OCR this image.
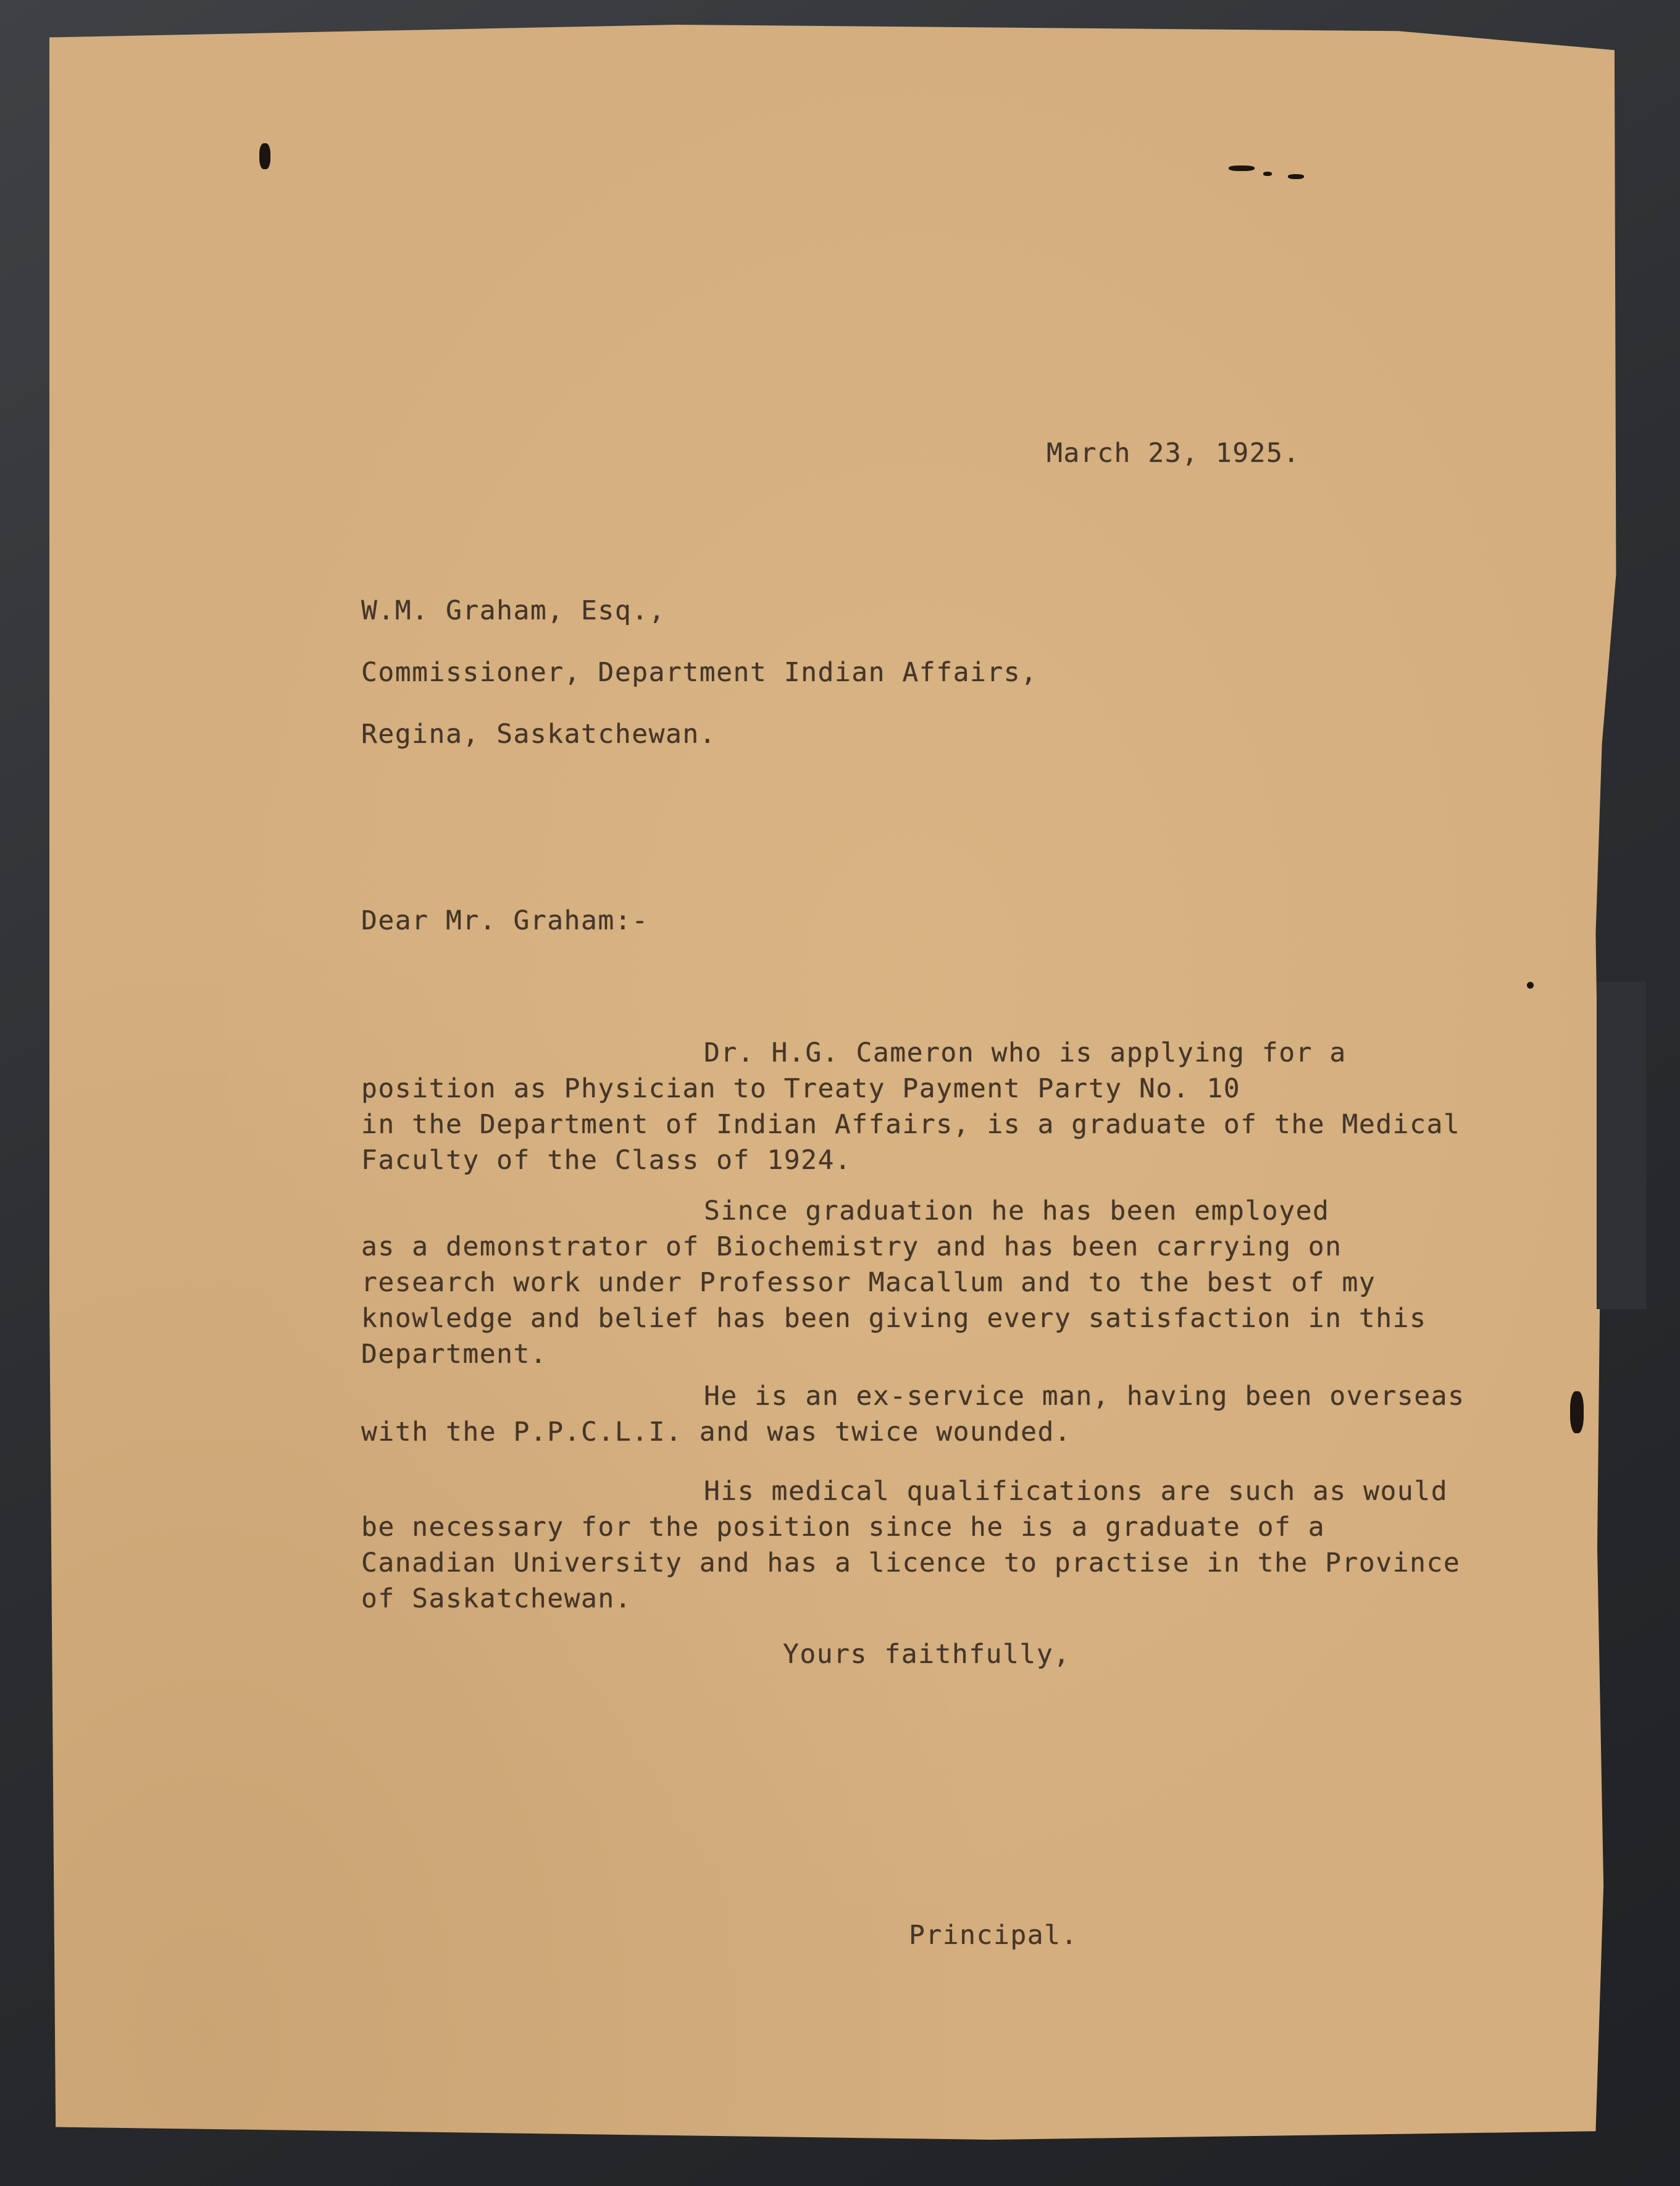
March 23, 1925.

W.M. Graham, Esq.,

Commissioner, Department Indian Affairs,

Regina, Saskatchewan.

Dear Mr. Graham:-

Dr. H.G. Cameron who is applying for a
position as Physician to Treaty Payment Party No. 10
in the Department of Indian Affairs, is a graduate of the Medical
Faculty of the Class of 1924.
Since graduation he has been employed
as a demonstrator of Biochemistry and has been carrying on
research work under Professor Macallum and to the best of my
knowledge and belief has been giving every satisfaction in this
Department.
He is an ex-service man, having been overseas
with the P.P.C.L.I. and was twice wounded.
His medical qualifications are such as would
be necessary for the position since he is a graduate of a
Canadian University and has a licence to practise in the Province
of Saskatchewan.

Yours faithfully,

Principal.
